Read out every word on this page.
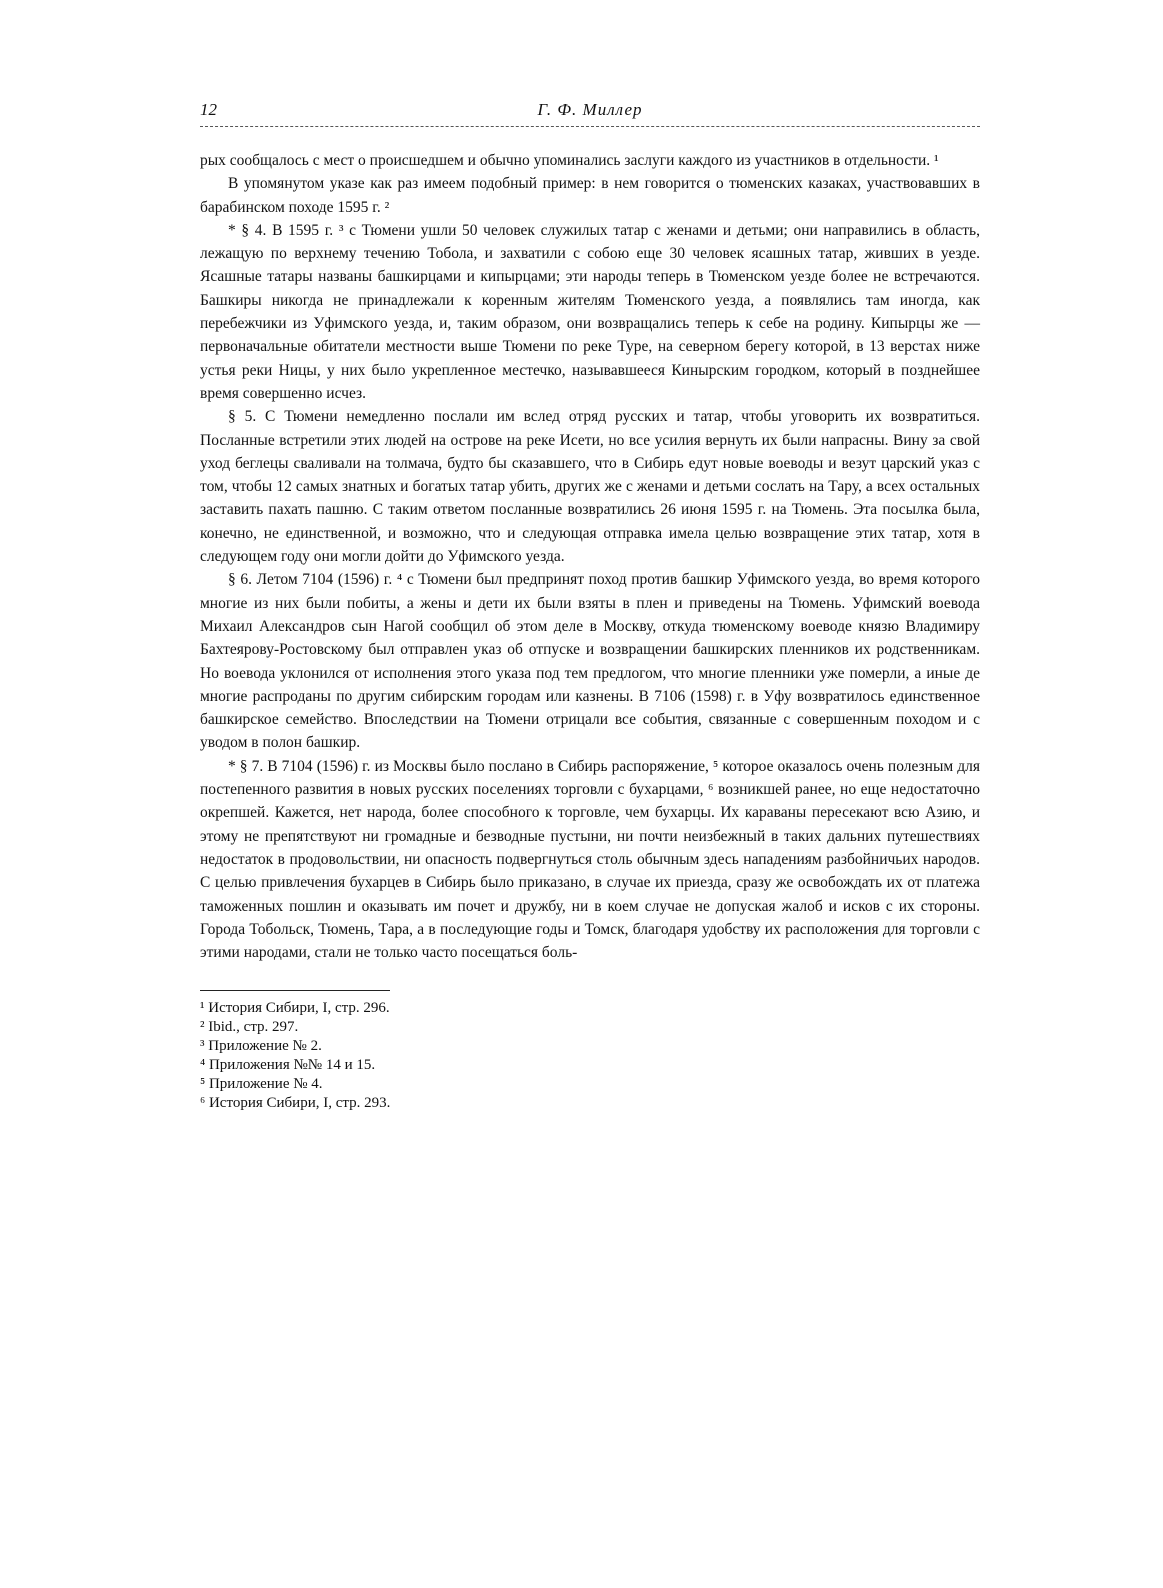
12	Г. Ф. Миллер

рых сообщалось с мест о происшедшем и обычно упоминались заслуги каждого из участников в отдельности. ¹

В упомянутом указе как раз имеем подобный пример: в нем говорится о тюменских казаках, участвовавших в барабинском походе 1595 г. ²

* § 4. В 1595 г. ³ с Тюмени ушли 50 человек служилых татар с женами и детьми; они направились в область, лежащую по верхнему течению Тобола, и захватили с собою еще 30 человек ясашных татар, живших в уезде. Ясашные татары названы башкирцами и кипырцами; эти народы теперь в Тюменском уезде более не встречаются. Башкиры никогда не принадлежали к коренным жителям Тюменского уезда, а появлялись там иногда, как перебежчики из Уфимского уезда, и, таким образом, они возвращались теперь к себе на родину. Кипырцы же — первоначальные обитатели местности выше Тюмени по реке Туре, на северном берегу которой, в 13 верстах ниже устья реки Ницы, у них было укрепленное местечко, называвшееся Кинырским городком, который в позднейшее время совершенно исчез.

§ 5. С Тюмени немедленно послали им вслед отряд русских и татар, чтобы уговорить их возвратиться. Посланные встретили этих людей на острове на реке Исети, но все усилия вернуть их были напрасны. Вину за свой уход беглецы сваливали на толмача, будто бы сказавшего, что в Сибирь едут новые воеводы и везут царский указ с том, чтобы 12 самых знатных и богатых татар убить, других же с женами и детьми сослать на Тару, а всех остальных заставить пахать пашню. С таким ответом посланные возвратились 26 июня 1595 г. на Тюмень. Эта посылка была, конечно, не единственной, и возможно, что и следующая отправка имела целью возвращение этих татар, хотя в следующем году они могли дойти до Уфимского уезда.

§ 6. Летом 7104 (1596) г. ⁴ с Тюмени был предпринят поход против башкир Уфимского уезда, во время которого многие из них были побиты, а жены и дети их были взяты в плен и приведены на Тюмень. Уфимский воевода Михаил Александров сын Нагой сообщил об этом деле в Москву, откуда тюменскому воеводе князю Владимиру Бахтеярову-Ростовскому был отправлен указ об отпуске и возвращении башкирских пленников их родственникам. Но воевода уклонился от исполнения этого указа под тем предлогом, что многие пленники уже померли, а иные де многие распроданы по другим сибирским городам или казнены. В 7106 (1598) г. в Уфу возвратилось единственное башкирское семейство. Впоследствии на Тюмени отрицали все события, связанные с совершенным походом и с уводом в полон башкир.

* § 7. В 7104 (1596) г. из Москвы было послано в Сибирь распоряжение, ⁵ которое оказалось очень полезным для постепенного развития в новых русских поселениях торговли с бухарцами, ⁶ возникшей ранее, но еще недостаточно окрепшей. Кажется, нет народа, более способного к торговле, чем бухарцы. Их караваны пересекают всю Азию, и этому не препятствуют ни громадные и безводные пустыни, ни почти неизбежный в таких дальних путешествиях недостаток в продовольствии, ни опасность подвергнуться столь обычным здесь нападениям разбойничьих народов. С целью привлечения бухарцев в Сибирь было приказано, в случае их приезда, сразу же освобождать их от платежа таможенных пошлин и оказывать им почет и дружбу, ни в коем случае не допуская жалоб и исков с их стороны. Города Тобольск, Тюмень, Тара, а в последующие годы и Томск, благодаря удобству их расположения для торговли с этими народами, стали не только часто посещаться боль-

¹ История Сибири, I, стр. 296.
² Ibid., стр. 297.
³ Приложение № 2.
⁴ Приложения №№ 14 и 15.
⁵ Приложение № 4.
⁶ История Сибири, I, стр. 293.
